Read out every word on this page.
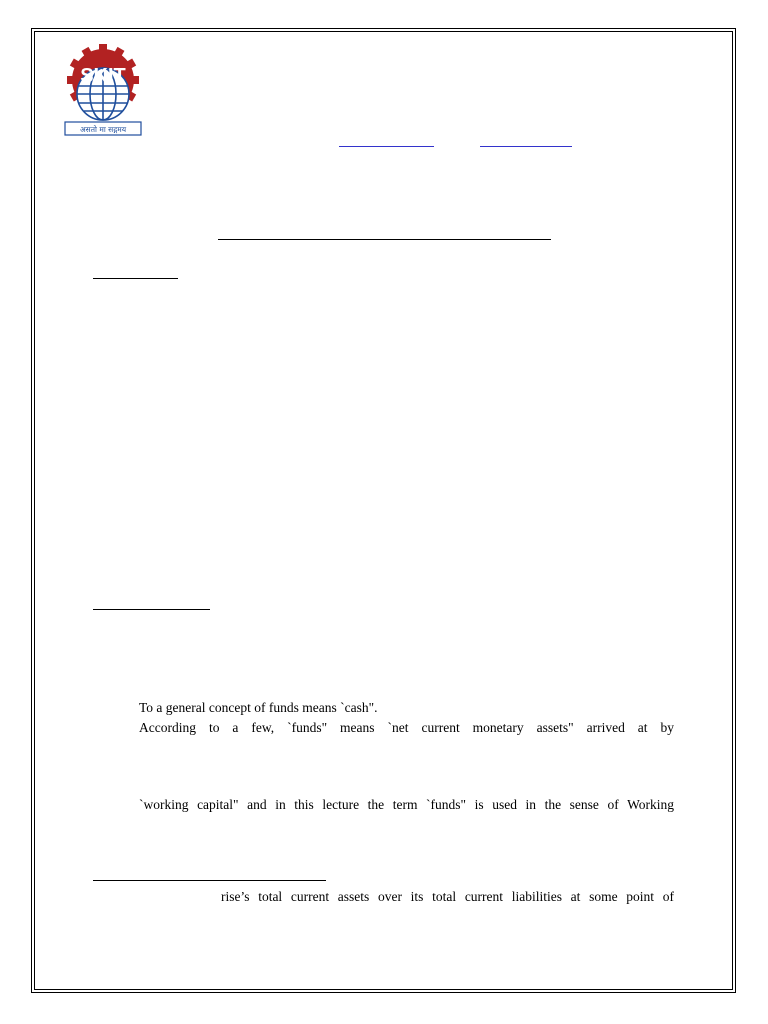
SKIT
असतो मा सद्गमय
To a general concept of funds means `cash".
According to a few, `funds" means `net current monetary assets" arrived at by
`working capital" and in this lecture the term `funds" is used in the sense of Working
rise’s total current assets over its total current liabilities at some point of
